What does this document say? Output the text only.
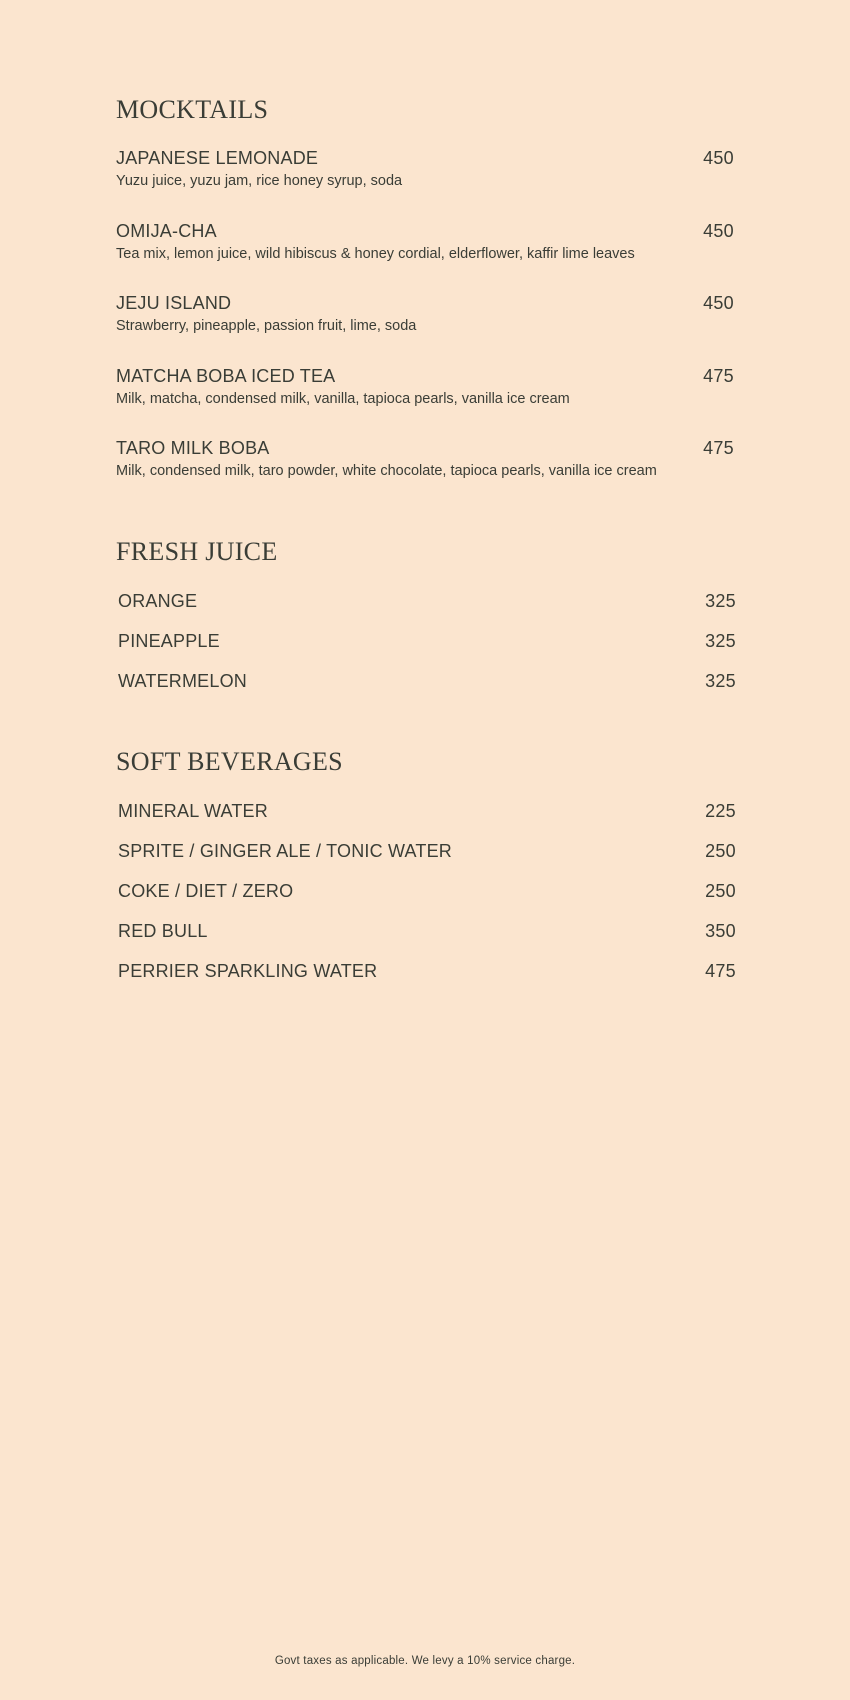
MOCKTAILS
JAPANESE LEMONADE	450
Yuzu juice, yuzu jam, rice honey syrup, soda
OMIJA-CHA	450
Tea mix, lemon juice, wild hibiscus & honey cordial, elderflower, kaffir lime leaves
JEJU ISLAND	450
Strawberry, pineapple, passion fruit, lime, soda
MATCHA BOBA ICED TEA	475
Milk, matcha, condensed milk, vanilla, tapioca pearls, vanilla ice cream
TARO MILK BOBA	475
Milk, condensed milk, taro powder, white chocolate, tapioca pearls, vanilla ice cream
FRESH JUICE
ORANGE	325
PINEAPPLE	325
WATERMELON	325
SOFT BEVERAGES
MINERAL WATER	225
SPRITE / GINGER ALE / TONIC WATER	250
COKE / DIET / ZERO	250
RED BULL	350
PERRIER SPARKLING WATER	475
Govt taxes as applicable. We levy a 10% service charge.
